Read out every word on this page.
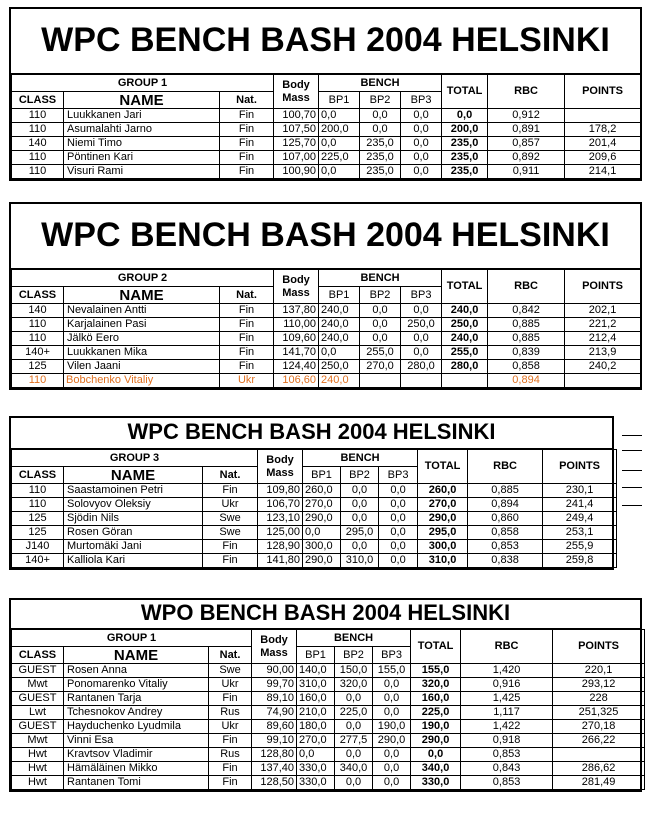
WPC BENCH BASH 2004 HELSINKI
GROUP 1			Body
Mass	BENCH			TOTAL	RBC	POINTS
CLASS	NAME	Nat.		BP1	BP2	BP3			
110	Luukkanen Jari	Fin	100,70	0,0	0,0	0,0	0,0	0,912	
110	Asumalahti Jarno	Fin	107,50	200,0	0,0	0,0	200,0	0,891	178,2
140	Niemi Timo	Fin	125,70	0,0	235,0	0,0	235,0	0,857	201,4
110	Pöntinen Kari	Fin	107,00	225,0	235,0	0,0	235,0	0,892	209,6
110	Visuri Rami	Fin	100,90	0,0	235,0	0,0	235,0	0,911	214,1
WPC BENCH BASH 2004 HELSINKI
GROUP 2			Body
Mass	BENCH			TOTAL	RBC	POINTS
CLASS	NAME	Nat.		BP1	BP2	BP3			
140	Nevalainen Antti	Fin	137,80	240,0	0,0	0,0	240,0	0,842	202,1
110	Karjalainen Pasi	Fin	110,00	240,0	0,0	250,0	250,0	0,885	221,2
110	Jälkö Eero	Fin	109,60	240,0	0,0	0,0	240,0	0,885	212,4
140+	Luukkanen Mika	Fin	141,70	0,0	255,0	0,0	255,0	0,839	213,9
125	Vilen Jaani	Fin	124,40	250,0	270,0	280,0	280,0	0,858	240,2
110	Bobchenko Vitaliy	Ukr	106,60	240,0				0,894	
WPC BENCH BASH 2004 HELSINKI
GROUP 3			Body
Mass	BENCH			TOTAL	RBC	POINTS
CLASS	NAME	Nat.		BP1	BP2	BP3			
110	Saastamoinen Petri	Fin	109,80	260,0	0,0	0,0	260,0	0,885	230,1
110	Solovyov Oleksiy	Ukr	106,70	270,0	0,0	0,0	270,0	0,894	241,4
125	Sjödin Nils	Swe	123,10	290,0	0,0	0,0	290,0	0,860	249,4
125	Rosen Göran	Swe	125,00	0,0	295,0	0,0	295,0	0,858	253,1
J140	Murtomäki Jani	Fin	128,90	300,0	0,0	0,0	300,0	0,853	255,9
140+	Kalliola Kari	Fin	141,80	290,0	310,0	0,0	310,0	0,838	259,8
WPO BENCH BASH 2004 HELSINKI
GROUP 1			Body
Mass	BENCH			TOTAL	RBC	POINTS
CLASS	NAME	Nat.		BP1	BP2	BP3			
GUEST	Rosen Anna	Swe	90,00	140,0	150,0	155,0	155,0	1,420	220,1
Mwt	Ponomarenko Vitaliy	Ukr	99,70	310,0	320,0	0,0	320,0	0,916	293,12
GUEST	Rantanen Tarja	Fin	89,10	160,0	0,0	0,0	160,0	1,425	228
Lwt	Tchesnokov Andrey	Rus	74,90	210,0	225,0	0,0	225,0	1,117	251,325
GUEST	Hayduchenko Lyudmila	Ukr	89,60	180,0	0,0	190,0	190,0	1,422	270,18
Mwt	Vinni Esa	Fin	99,10	270,0	277,5	290,0	290,0	0,918	266,22
Hwt	Kravtsov Vladimir	Rus	128,80	0,0	0,0	0,0	0,0	0,853	
Hwt	Hämäläinen Mikko	Fin	137,40	330,0	340,0	0,0	340,0	0,843	286,62
Hwt	Rantanen Tomi	Fin	128,50	330,0	0,0	0,0	330,0	0,853	281,49
